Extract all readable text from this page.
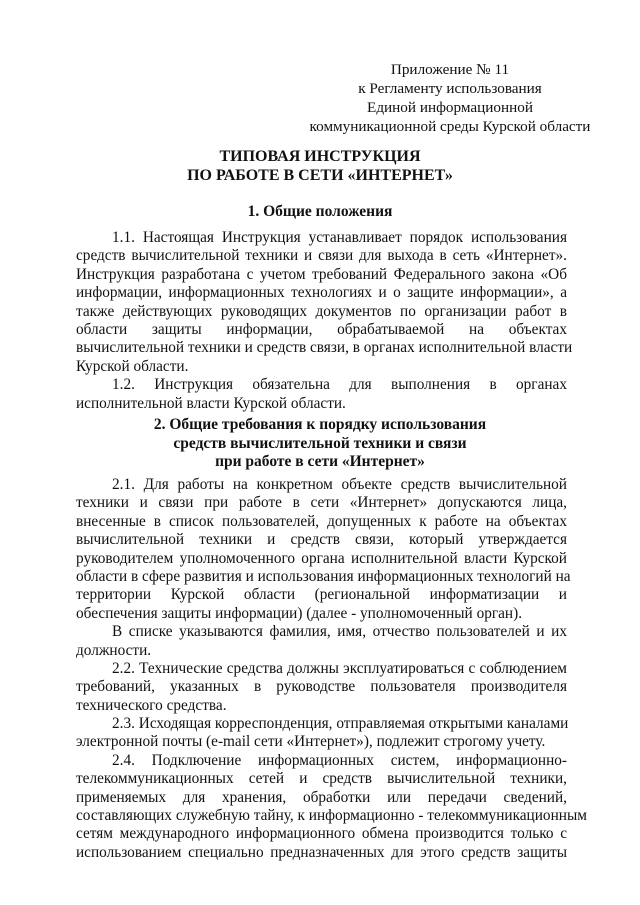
Приложение № 11
к Регламенту использования
Единой информационной
коммуникационной среды Курской области
ТИПОВАЯ ИНСТРУКЦИЯ
ПО РАБОТЕ В СЕТИ «ИНТЕРНЕТ»
1. Общие положения
1.1. Настоящая Инструкция устанавливает порядок использования
средств вычислительной техники и связи для выхода в сеть «Интернет».
Инструкция разработана с учетом требований Федерального закона «Об
информации, информационных технологиях и о защите информации», а
также действующих руководящих документов по организации работ в
области защиты информации, обрабатываемой на объектах
вычислительной техники и средств связи, в органах исполнительной власти
Курской области.
1.2. Инструкция обязательна для выполнения в органах
исполнительной власти Курской области.
2. Общие требования к порядку использования
средств вычислительной техники и связи
при работе в сети «Интернет»
2.1. Для работы на конкретном объекте средств вычислительной
техники и связи при работе в сети «Интернет» допускаются лица,
внесенные в список пользователей, допущенных к работе на объектах
вычислительной техники и средств связи, который утверждается
руководителем уполномоченного органа исполнительной власти Курской
области в сфере развития и использования информационных технологий на
территории Курской области (региональной информатизации и
обеспечения защиты информации) (далее - уполномоченный орган).
В списке указываются фамилия, имя, отчество пользователей и их
должности.
2.2. Технические средства должны эксплуатироваться с соблюдением
требований, указанных в руководстве пользователя производителя
технического средства.
2.3. Исходящая корреспонденция, отправляемая открытыми каналами
электронной почты (e-mail сети «Интернет»), подлежит строгому учету.
2.4. Подключение информационных систем, информационно-
телекоммуникационных сетей и средств вычислительной техники,
применяемых для хранения, обработки или передачи сведений,
составляющих служебную тайну, к информационно - телекоммуникационным
сетям международного информационного обмена производится только с
использованием специально предназначенных для этого средств защиты
